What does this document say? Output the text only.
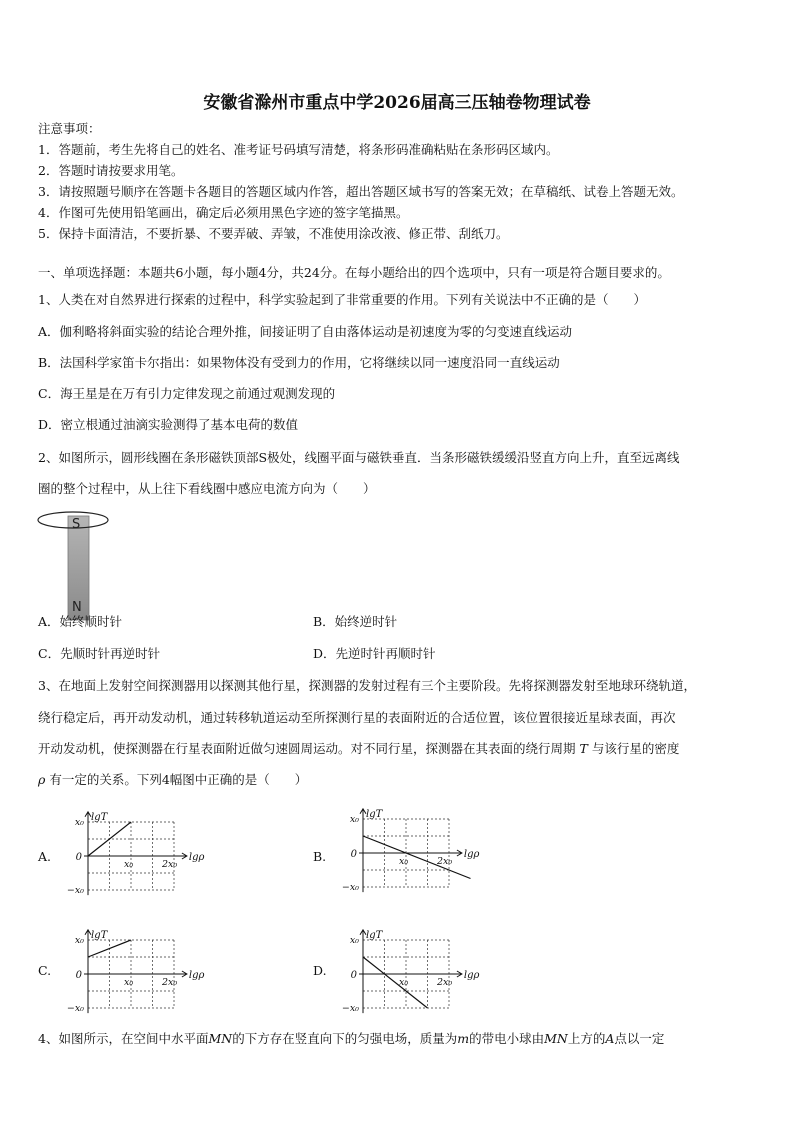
安徽省滁州市重点中学2026届高三压轴卷物理试卷
注意事项：
1．答题前，考生先将自己的姓名、准考证号码填写清楚，将条形码准确粘贴在条形码区域内。
2．答题时请按要求用笔。
3．请按照题号顺序在答题卡各题目的答题区域内作答，超出答题区域书写的答案无效；在草稿纸、试卷上答题无效。
4．作图可先使用铅笔画出，确定后必须用黑色字迹的签字笔描黑。
5．保持卡面清洁，不要折暴、不要弄破、弄皱，不准使用涂改液、修正带、刮纸刀。
一、单项选择题：本题共6小题，每小题4分，共24分。在每小题给出的四个选项中，只有一项是符合题目要求的。
1、人类在对自然界进行探索的过程中，科学实验起到了非常重要的作用。下列有关说法中不正确的是（　　）
A．伽利略将斜面实验的结论合理外推，间接证明了自由落体运动是初速度为零的匀变速直线运动
B．法国科学家笛卡尔指出：如果物体没有受到力的作用，它将继续以同一速度沿同一直线运动
C．海王星是在万有引力定律发现之前通过观测发现的
D．密立根通过油滴实验测得了基本电荷的数值
2、如图所示，圆形线圈在条形磁铁顶部S极处，线圈平面与磁铁垂直．当条形磁铁缓缓沿竖直方向上升，直至远离线
圈的整个过程中，从上往下看线圈中感应电流方向为（　　）
S
N
A．始终顺时针	B．始终逆时针
C．先顺时针再逆时针	D．先逆时针再顺时针
3、在地面上发射空间探测器用以探测其他行星，探测器的发射过程有三个主要阶段。先将探测器发射至地球环绕轨道，
绕行稳定后，再开动发动机，通过转移轨道运动至所探测行星的表面附近的合适位置，该位置很接近星球表面，再次
开动发动机，使探测器在行星表面附近做匀速圆周运动。对不同行星，探测器在其表面的绕行周期 T 与该行星的密度
ρ 有一定的关系。下列4幅图中正确的是（　　）
A.	B.
C.	D.
lgT
lgρ
x₀
0
−x₀
x₀	2x₀
lgT
lgρ
x₀
0
−x₀
x₀	2x₀
lgT
lgρ
x₀
0
−x₀
x₀	2x₀
lgT
lgρ
x₀
0
−x₀
x₀	2x₀
4、如图所示，在空间中水平面MN的下方存在竖直向下的匀强电场，质量为m的带电小球由MN上方的A点以一定
